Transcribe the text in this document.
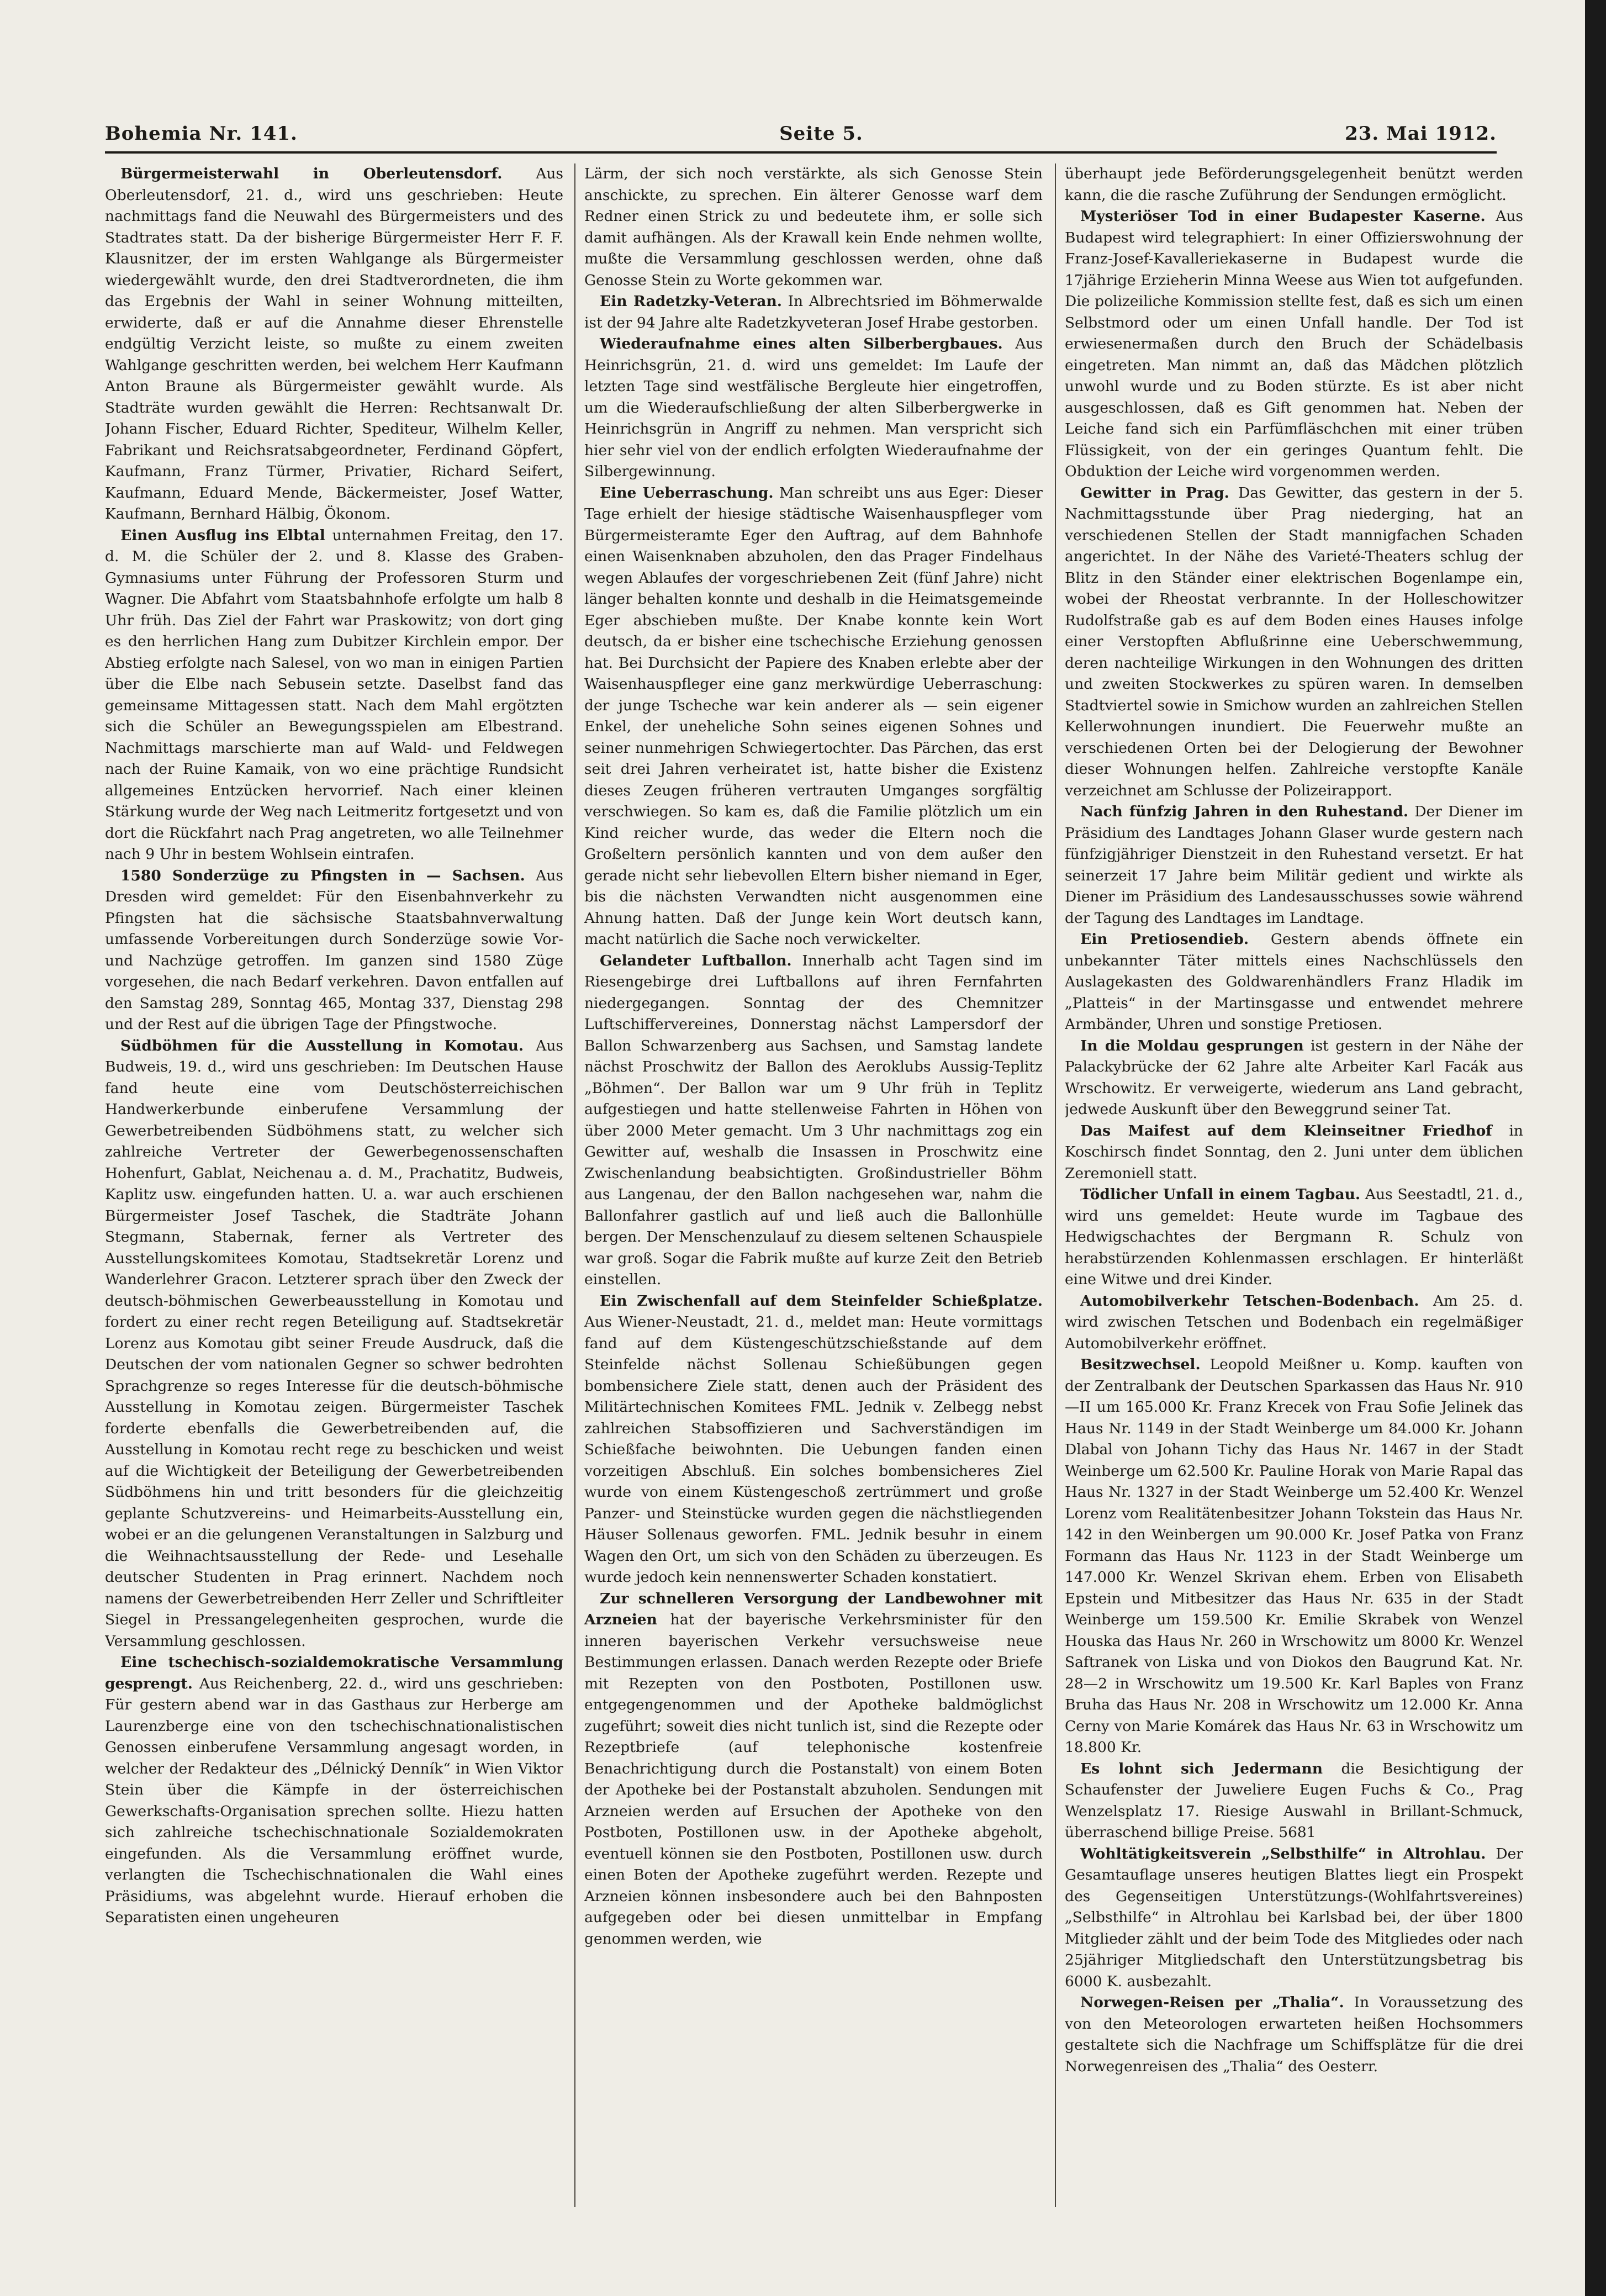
Bohemia Nr. 141.	Seite 5.	23. Mai 1912.

Bürgermeisterwahl in Oberleutensdorf. Aus Oberleutensdorf, 21. d., wird uns geschrieben: Heute nachmittags fand die Neuwahl des Bürgermeisters und des Stadtrates statt. Da der bisherige Bürgermeister Herr F. F. Klausnitzer, der im ersten Wahlgange als Bürgermeister wiedergewählt wurde, den drei Stadtverordneten, die ihm das Ergebnis der Wahl in seiner Wohnung mitteilten, erwiderte, daß er auf die Annahme dieser Ehrenstelle endgültig Verzicht leiste, so mußte zu einem zweiten Wahlgange geschritten werden, bei welchem Herr Kaufmann Anton Braune als Bürgermeister gewählt wurde. Als Stadträte wurden gewählt die Herren: Rechtsanwalt Dr. Johann Fischer, Eduard Richter, Spediteur, Wilhelm Keller, Fabrikant und Reichsratsabgeordneter, Ferdinand Göpfert, Kaufmann, Franz Türmer, Privatier, Richard Seifert, Kaufmann, Eduard Mende, Bäckermeister, Josef Watter, Kaufmann, Bernhard Hälbig, Ökonom.

Einen Ausflug ins Elbtal unternahmen Freitag, den 17. d. M. die Schüler der 2. und 8. Klasse des Graben-Gymnasiums unter Führung der Professoren Sturm und Wagner. Die Abfahrt vom Staatsbahnhofe erfolgte um halb 8 Uhr früh. Das Ziel der Fahrt war Praskowitz; von dort ging es den herrlichen Hang zum Dubitzer Kirchlein empor. Der Abstieg erfolgte nach Salesel, von wo man in einigen Partien über die Elbe nach Sebusein setzte. Daselbst fand das gemeinsame Mittagessen statt. Nach dem Mahl ergötzten sich die Schüler an Bewegungsspielen am Elbestrand. Nachmittags marschierte man auf Wald- und Feldwegen nach der Ruine Kamaik, von wo eine prächtige Rundsicht allgemeines Entzücken hervorrief. Nach einer kleinen Stärkung wurde der Weg nach Leitmeritz fortgesetzt und von dort die Rückfahrt nach Prag angetreten, wo alle Teilnehmer nach 9 Uhr in bestem Wohlsein eintrafen.

1580 Sonderzüge zu Pfingsten in — Sachsen. Aus Dresden wird gemeldet: Für den Eisenbahnverkehr zu Pfingsten hat die sächsische Staatsbahnverwaltung umfassende Vorbereitungen durch Sonderzüge sowie Vor- und Nachzüge getroffen. Im ganzen sind 1580 Züge vorgesehen, die nach Bedarf verkehren. Davon entfallen auf den Samstag 289, Sonntag 465, Montag 337, Dienstag 298 und der Rest auf die übrigen Tage der Pfingstwoche.

Südböhmen für die Ausstellung in Komotau. Aus Budweis, 19. d., wird uns geschrieben: Im Deutschen Hause fand heute eine vom Deutschösterreichischen Handwerkerbunde einberufene Versammlung der Gewerbetreibenden Südböhmens statt, zu welcher sich zahlreiche Vertreter der Gewerbegenossenschaften Hohenfurt, Gablat, Neichenau a. d. M., Prachatitz, Budweis, Kaplitz usw. eingefunden hatten. U. a. war auch erschienen Bürgermeister Josef Taschek, die Stadträte Johann Stegmann, Stabernak, ferner als Vertreter des Ausstellungskomitees Komotau, Stadtsekretär Lorenz und Wanderlehrer Gracon. Letzterer sprach über den Zweck der deutsch-böhmischen Gewerbeausstellung in Komotau und fordert zu einer recht regen Beteiligung auf. Stadtsekretär Lorenz aus Komotau gibt seiner Freude Ausdruck, daß die Deutschen der vom nationalen Gegner so schwer bedrohten Sprachgrenze so reges Interesse für die deutsch-böhmische Ausstellung in Komotau zeigen. Bürgermeister Taschek forderte ebenfalls die Gewerbetreibenden auf, die Ausstellung in Komotau recht rege zu beschicken und weist auf die Wichtigkeit der Beteiligung der Gewerbetreibenden Südböhmens hin und tritt besonders für die gleichzeitig geplante Schutzvereins- und Heimarbeits-Ausstellung ein, wobei er an die gelungenen Veranstaltungen in Salzburg und die Weihnachtsausstellung der Rede- und Lesehalle deutscher Studenten in Prag erinnert. Nachdem noch namens der Gewerbetreibenden Herr Zeller und Schriftleiter Siegel in Pressangelegenheiten gesprochen, wurde die Versammlung geschlossen.

Eine tschechisch-sozialdemokratische Versammlung gesprengt. Aus Reichenberg, 22. d., wird uns geschrieben: Für gestern abend war in das Gasthaus zur Herberge am Laurenzberge eine von den tschechischnationalistischen Genossen einberufene Versammlung angesagt worden, in welcher der Redakteur des „Délnický Denník“ in Wien Viktor Stein über die Kämpfe in der österreichischen Gewerkschafts-Organisation sprechen sollte. Hiezu hatten sich zahlreiche tschechischnationale Sozialdemokraten eingefunden. Als die Versammlung eröffnet wurde, verlangten die Tschechischnationalen die Wahl eines Präsidiums, was abgelehnt wurde. Hierauf erhoben die Separatisten einen ungeheuren

Lärm, der sich noch verstärkte, als sich Genosse Stein anschickte, zu sprechen. Ein älterer Genosse warf dem Redner einen Strick zu und bedeutete ihm, er solle sich damit aufhängen. Als der Krawall kein Ende nehmen wollte, mußte die Versammlung geschlossen werden, ohne daß Genosse Stein zu Worte gekommen war.

Ein Radetzky-Veteran. In Albrechtsried im Böhmerwalde ist der 94 Jahre alte Radetzkyveteran Josef Hrabe gestorben.

Wiederaufnahme eines alten Silberbergbaues. Aus Heinrichsgrün, 21. d. wird uns gemeldet: Im Laufe der letzten Tage sind westfälische Bergleute hier eingetroffen, um die Wiederaufschließung der alten Silberbergwerke in Heinrichsgrün in Angriff zu nehmen. Man verspricht sich hier sehr viel von der endlich erfolgten Wiederaufnahme der Silbergewinnung.

Eine Ueberraschung. Man schreibt uns aus Eger: Dieser Tage erhielt der hiesige städtische Waisenhauspfleger vom Bürgermeisteramte Eger den Auftrag, auf dem Bahnhofe einen Waisenknaben abzuholen, den das Prager Findelhaus wegen Ablaufes der vorgeschriebenen Zeit (fünf Jahre) nicht länger behalten konnte und deshalb in die Heimatsgemeinde Eger abschieben mußte. Der Knabe konnte kein Wort deutsch, da er bisher eine tschechische Erziehung genossen hat. Bei Durchsicht der Papiere des Knaben erlebte aber der Waisenhauspfleger eine ganz merkwürdige Ueberraschung: der junge Tscheche war kein anderer als — sein eigener Enkel, der uneheliche Sohn seines eigenen Sohnes und seiner nunmehrigen Schwiegertochter. Das Pärchen, das erst seit drei Jahren verheiratet ist, hatte bisher die Existenz dieses Zeugen früheren vertrauten Umganges sorgfältig verschwiegen. So kam es, daß die Familie plötzlich um ein Kind reicher wurde, das weder die Eltern noch die Großeltern persönlich kannten und von dem außer den gerade nicht sehr liebevollen Eltern bisher niemand in Eger, bis die nächsten Verwandten nicht ausgenommen eine Ahnung hatten. Daß der Junge kein Wort deutsch kann, macht natürlich die Sache noch verwickelter.

Gelandeter Luftballon. Innerhalb acht Tagen sind im Riesengebirge drei Luftballons auf ihren Fernfahrten niedergegangen. Sonntag der des Chemnitzer Luftschiffervereines, Donnerstag nächst Lampersdorf der Ballon Schwarzenberg aus Sachsen, und Samstag landete nächst Proschwitz der Ballon des Aeroklubs Aussig-Teplitz „Böhmen“. Der Ballon war um 9 Uhr früh in Teplitz aufgestiegen und hatte stellenweise Fahrten in Höhen von über 2000 Meter gemacht. Um 3 Uhr nachmittags zog ein Gewitter auf, weshalb die Insassen in Proschwitz eine Zwischenlandung beabsichtigten. Großindustrieller Böhm aus Langenau, der den Ballon nachgesehen war, nahm die Ballonfahrer gastlich auf und ließ auch die Ballonhülle bergen. Der Menschenzulauf zu diesem seltenen Schauspiele war groß. Sogar die Fabrik mußte auf kurze Zeit den Betrieb einstellen.

Ein Zwischenfall auf dem Steinfelder Schießplatze. Aus Wiener-Neustadt, 21. d., meldet man: Heute vormittags fand auf dem Küstengeschützschießstande auf dem Steinfelde nächst Sollenau Schießübungen gegen bombensichere Ziele statt, denen auch der Präsident des Militärtechnischen Komitees FML. Jednik v. Zelbegg nebst zahlreichen Stabsoffizieren und Sachverständigen im Schießfache beiwohnten. Die Uebungen fanden einen vorzeitigen Abschluß. Ein solches bombensicheres Ziel wurde von einem Küstengeschoß zertrümmert und große Panzer- und Steinstücke wurden gegen die nächstliegenden Häuser Sollenaus geworfen. FML. Jednik besuhr in einem Wagen den Ort, um sich von den Schäden zu überzeugen. Es wurde jedoch kein nennenswerter Schaden konstatiert.

Zur schnelleren Versorgung der Landbewohner mit Arzneien hat der bayerische Verkehrsminister für den inneren bayerischen Verkehr versuchsweise neue Bestimmungen erlassen. Danach werden Rezepte oder Briefe mit Rezepten von den Postboten, Postillonen usw. entgegengenommen und der Apotheke baldmöglichst zugeführt; soweit dies nicht tunlich ist, sind die Rezepte oder Rezeptbriefe (auf telephonische kostenfreie Benachrichtigung durch die Postanstalt) von einem Boten der Apotheke bei der Postanstalt abzuholen. Sendungen mit Arzneien werden auf Ersuchen der Apotheke von den Postboten, Postillonen usw. in der Apotheke abgeholt, eventuell können sie den Postboten, Postillonen usw. durch einen Boten der Apotheke zugeführt werden. Rezepte und Arzneien können insbesondere auch bei den Bahnposten aufgegeben oder bei diesen unmittelbar in Empfang genommen werden, wie

überhaupt jede Beförderungsgelegenheit benützt werden kann, die die rasche Zuführung der Sendungen ermöglicht.

Mysteriöser Tod in einer Budapester Kaserne. Aus Budapest wird telegraphiert: In einer Offizierswohnung der Franz-Josef-Kavalleriekaserne in Budapest wurde die 17jährige Erzieherin Minna Weese aus Wien tot aufgefunden. Die polizeiliche Kommission stellte fest, daß es sich um einen Selbstmord oder um einen Unfall handle. Der Tod ist erwiesenermaßen durch den Bruch der Schädelbasis eingetreten. Man nimmt an, daß das Mädchen plötzlich unwohl wurde und zu Boden stürzte. Es ist aber nicht ausgeschlossen, daß es Gift genommen hat. Neben der Leiche fand sich ein Parfümfläschchen mit einer trüben Flüssigkeit, von der ein geringes Quantum fehlt. Die Obduktion der Leiche wird vorgenommen werden.

Gewitter in Prag. Das Gewitter, das gestern in der 5. Nachmittagsstunde über Prag niederging, hat an verschiedenen Stellen der Stadt mannigfachen Schaden angerichtet. In der Nähe des Varieté-Theaters schlug der Blitz in den Ständer einer elektrischen Bogenlampe ein, wobei der Rheostat verbrannte. In der Holleschowitzer Rudolfstraße gab es auf dem Boden eines Hauses infolge einer Verstopften Abflußrinne eine Ueberschwemmung, deren nachteilige Wirkungen in den Wohnungen des dritten und zweiten Stockwerkes zu spüren waren. In demselben Stadtviertel sowie in Smichow wurden an zahlreichen Stellen Kellerwohnungen inundiert. Die Feuerwehr mußte an verschiedenen Orten bei der Delogierung der Bewohner dieser Wohnungen helfen. Zahlreiche verstopfte Kanäle verzeichnet am Schlusse der Polizeirapport.

Nach fünfzig Jahren in den Ruhestand. Der Diener im Präsidium des Landtages Johann Glaser wurde gestern nach fünfzigjähriger Dienstzeit in den Ruhestand versetzt. Er hat seinerzeit 17 Jahre beim Militär gedient und wirkte als Diener im Präsidium des Landesausschusses sowie während der Tagung des Landtages im Landtage.

Ein Pretiosendieb. Gestern abends öffnete ein unbekannter Täter mittels eines Nachschlüssels den Auslagekasten des Goldwarenhändlers Franz Hladik im „Platteis“ in der Martinsgasse und entwendet mehrere Armbänder, Uhren und sonstige Pretiosen.

In die Moldau gesprungen ist gestern in der Nähe der Palackybrücke der 62 Jahre alte Arbeiter Karl Facák aus Wrschowitz. Er verweigerte, wiederum ans Land gebracht, jedwede Auskunft über den Beweggrund seiner Tat.

Das Maifest auf dem Kleinseitner Friedhof in Koschirsch findet Sonntag, den 2. Juni unter dem üblichen Zeremoniell statt.

Tödlicher Unfall in einem Tagbau. Aus Seestadtl, 21. d., wird uns gemeldet: Heute wurde im Tagbaue des Hedwigschachtes der Bergmann R. Schulz von herabstürzenden Kohlenmassen erschlagen. Er hinterläßt eine Witwe und drei Kinder.

Automobilverkehr Tetschen-Bodenbach. Am 25. d. wird zwischen Tetschen und Bodenbach ein regelmäßiger Automobilverkehr eröffnet.

Besitzwechsel. Leopold Meißner u. Komp. kauften von der Zentralbank der Deutschen Sparkassen das Haus Nr. 910—II um 165.000 Kr. Franz Krecek von Frau Sofie Jelinek das Haus Nr. 1149 in der Stadt Weinberge um 84.000 Kr. Johann Dlabal von Johann Tichy das Haus Nr. 1467 in der Stadt Weinberge um 62.500 Kr. Pauline Horak von Marie Rapal das Haus Nr. 1327 in der Stadt Weinberge um 52.400 Kr. Wenzel Lorenz vom Realitätenbesitzer Johann Tokstein das Haus Nr. 142 in den Weinbergen um 90.000 Kr. Josef Patka von Franz Formann das Haus Nr. 1123 in der Stadt Weinberge um 147.000 Kr. Wenzel Skrivan ehem. Erben von Elisabeth Epstein und Mitbesitzer das Haus Nr. 635 in der Stadt Weinberge um 159.500 Kr. Emilie Skrabek von Wenzel Houska das Haus Nr. 260 in Wrschowitz um 8000 Kr. Wenzel Saftranek von Liska und von Diokos den Baugrund Kat. Nr. 28—2 in Wrschowitz um 19.500 Kr. Karl Baples von Franz Bruha das Haus Nr. 208 in Wrschowitz um 12.000 Kr. Anna Cerny von Marie Komárek das Haus Nr. 63 in Wrschowitz um 18.800 Kr.

Es lohnt sich Jedermann die Besichtigung der Schaufenster der Juweliere Eugen Fuchs & Co., Prag Wenzelsplatz 17. Riesige Auswahl in Brillant-Schmuck, überraschend billige Preise. 5681

Wohltätigkeitsverein „Selbsthilfe“ in Altrohlau. Der Gesamtauflage unseres heutigen Blattes liegt ein Prospekt des Gegenseitigen Unterstützungs-(Wohlfahrtsvereines) „Selbsthilfe“ in Altrohlau bei Karlsbad bei, der über 1800 Mitglieder zählt und der beim Tode des Mitgliedes oder nach 25jähriger Mitgliedschaft den Unterstützungsbetrag bis 6000 K. ausbezahlt.

Norwegen-Reisen per „Thalia“. In Voraussetzung des von den Meteorologen erwarteten heißen Hochsommers gestaltete sich die Nachfrage um Schiffsplätze für die drei Norwegenreisen des „Thalia“ des Oesterr.
